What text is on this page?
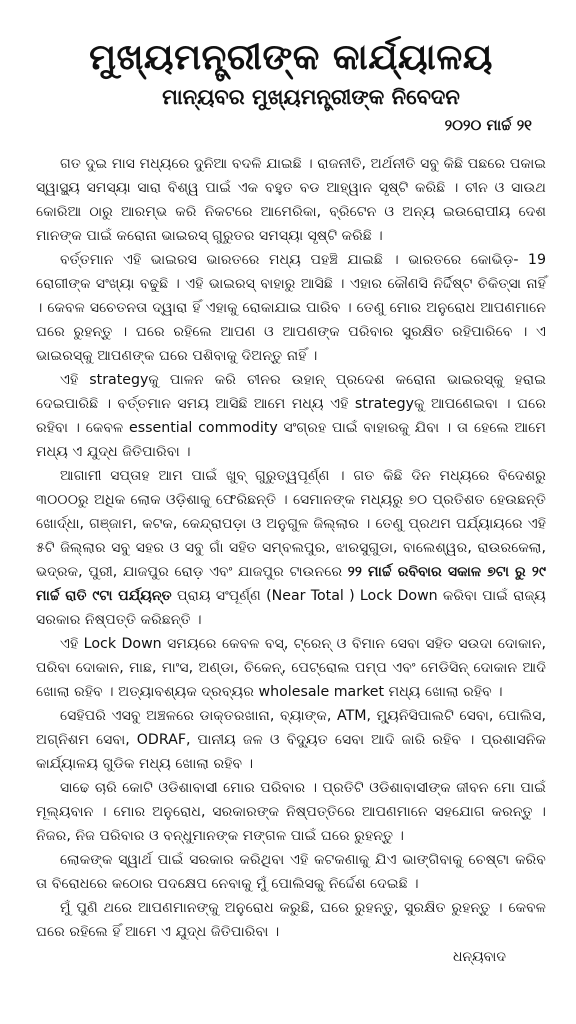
ମୁଖ୍ୟମନ୍ତ୍ରୀଙ୍କ କାର୍ଯ୍ୟାଳୟ
ମାନ୍ୟବର ମୁଖ୍ୟମନ୍ତ୍ରୀଙ୍କ ନିବେଦନ
୨୦୨୦ ମାର୍ଚ୍ଚ ୨୧

ଗତ ଦୁଇ ମାସ ମଧ୍ୟରେ ଦୁନିଆ ବଦଳି ଯାଇଛି । ରାଜନୀତି, ଅର୍ଥନୀତି ସବୁ କିଛି ପଛରେ ପକାଇ ସ୍ୱାସ୍ଥ୍ୟ ସମସ୍ୟା ସାରା ବିଶ୍ୱ ପାଇଁ ଏକ ବହୁତ ବଡ ଆହ୍ୱାନ ସୃଷ୍ଟି କରିଛି । ଚୀନ ଓ ସାଉଥ କୋରିଆ ଠାରୁ ଆରମ୍ଭ କରି ନିକଟରେ ଆମେରିକା, ବ୍ରିଟେନ ଓ ଅନ୍ୟ ଇଉରୋପୀୟ ଦେଶ ମାନଙ୍କ ପାଇଁ କରୋନା ଭାଇରସ୍ ଗୁରୁତର ସମସ୍ୟା ସୃଷ୍ଟି କରିଛି ।

ବର୍ତ୍ତମାନ ଏହି ଭାଇରସ ଭାରତରେ ମଧ୍ୟ ପହଞ୍ଚି ଯାଇଛି । ଭାରତରେ କୋଭିଡ଼- 19 ରୋଗୀଙ୍କ ସଂଖ୍ୟା ବଢୁଛି । ଏହି ଭାଇରସ୍ ବାହାରୁ ଆସିଛି । ଏହାର କୌଣସି ନିର୍ଦ୍ଦିଷ୍ଟ ଚିକିତ୍ସା ନାହିଁ । କେବଳ ସଚେତନତା ଦ୍ୱାରା ହିଁ ଏହାକୁ ରୋକାଯାଇ ପାରିବ । ତେଣୁ ମୋର ଅନୁରୋଧ ଆପଣମାନେ ଘରେ ରୁହନ୍ତୁ । ଘରେ ରହିଲେ ଆପଣ ଓ ଆପଣଙ୍କ ପରିବାର ସୁରକ୍ଷିତ ରହିପାରିବେ । ଏ ଭାଇରସ୍‌କୁ ଆପଣଙ୍କ ଘରେ ପଶିବାକୁ ଦିଅନ୍ତୁ ନାହିଁ ।

ଏହି strategyକୁ ପାଳନ କରି ଚୀନର ଉହାନ୍ ପ୍ରଦେଶ କରୋନା ଭାଇରସ୍‌କୁ ହରାଇ ଦେଇପାରିଛି । ବର୍ତ୍ତମାନ ସମୟ ଆସିଛି ଆମେ ମଧ୍ୟ ଏହି strategyକୁ ଆପଣେଇବା । ଘରେ ରହିବା । କେବଳ essential commodity ସଂଗ୍ରହ ପାଇଁ ବାହାରକୁ ଯିବା । ତା ହେଲେ ଆମେ ମଧ୍ୟ ଏ ଯୁଦ୍ଧ ଜିତିପାରିବା ।

ଆଗାମୀ ସପ୍ତାହ ଆମ ପାଇଁ ଖୁବ୍ ଗୁରୁତ୍ୱପୂର୍ଣ୍ଣ । ଗତ କିଛି ଦିନ ମଧ୍ୟରେ ବିଦେଶରୁ ୩୦୦୦ରୁ ଅଧିକ ଲୋକ ଓଡ଼ିଶାକୁ ଫେରିଛନ୍ତି । ସେମାନଙ୍କ ମଧ୍ୟରୁ ୭୦ ପ୍ରତିଶତ ହେଉଛନ୍ତି ଖୋର୍ଦ୍ଧା, ଗଞ୍ଜାମ, କଟକ, କେନ୍ଦ୍ରାପଡ଼ା ଓ ଅନୁଗୁଳ ଜିଲ୍ଲାର । ତେଣୁ ପ୍ରଥମ ପର୍ଯ୍ୟାୟରେ ଏହି ୫ଟି ଜିଲ୍ଲାର ସବୁ ସହର ଓ ସବୁ ଗାଁ ସହିତ ସମ୍ବଲପୁର, ଝାରସୁଗୁଡା, ବାଲେଶ୍ୱର, ରାଉରକେଲା, ଭଦ୍ରକ, ପୁରୀ, ଯାଜପୁର ରୋଡ଼ ଏବଂ ଯାଜପୁର ଟାଉନରେ ୨୨ ମାର୍ଚ୍ଚ ରବିବାର ସକାଳ ୭ଟା ରୁ ୨୯ ମାର୍ଚ୍ଚ ରାତି ୯ଟା ପର୍ଯ୍ୟନ୍ତ ପ୍ରାୟ ସଂପୂର୍ଣ୍ଣ (Near Total ) Lock Down କରିବା ପାଇଁ ରାଜ୍ୟ ସରକାର ନିଷ୍ପତ୍ତି କରିଛନ୍ତି ।

ଏହି Lock Down ସମୟରେ କେବଳ ବସ୍, ଟ୍ରେନ୍ ଓ ବିମାନ ସେବା ସହିତ ସଉଦା ଦୋକାନ, ପରିବା ଦୋକାନ, ମାଛ, ମାଂସ, ଅଣ୍ଡା, ଚିକେନ୍, ପେଟ୍ରୋଲ ପମ୍ପ ଏବଂ ମେଡିସିନ୍ ଦୋକାନ ଆଦି ଖୋଲା ରହିବ । ଅତ୍ୟାବଶ୍ୟକ ଦ୍ରବ୍ୟର wholesale market ମଧ୍ୟ ଖୋଲା ରହିବ ।

ସେହିପରି ଏସବୁ ଅଞ୍ଚଳରେ ଡାକ୍ତରଖାନା, ବ୍ୟାଙ୍କ, ATM, ମ୍ୟୁନିସିପାଲଟି ସେବା, ପୋଲିସ, ଅଗ୍ନିଶମ ସେବା, ODRAF, ପାନୀୟ ଜଳ ଓ ବିଦ୍ୟୁତ ସେବା ଆଦି ଜାରି ରହିବ । ପ୍ରଶାସନିକ କାର୍ଯ୍ୟାଳୟ ଗୁଡିକ ମଧ୍ୟ ଖୋଲା ରହିବ ।

ସାଢେ ଚାରି କୋଟି ଓଡିଶାବାସୀ ମୋର ପରିବାର । ପ୍ରତିଟି ଓଡିଶାବାସୀଙ୍କ ଜୀବନ ମୋ ପାଇଁ ମୂଲ୍ୟବାନ । ମୋର ଅନୁରୋଧ, ସରକାରଙ୍କ ନିଷ୍ପତ୍ତିରେ ଆପଣମାନେ ସହଯୋଗ କରନ୍ତୁ । ନିଜର, ନିଜ ପରିବାର ଓ ବନ୍ଧୁମାନଙ୍କ ମଙ୍ଗଳ ପାଇଁ ଘରେ ରୁହନ୍ତୁ ।

ଲୋକଙ୍କ ସ୍ୱାର୍ଥ ପାଇଁ ସରକାର କରିଥିବା ଏହି କଟକଣାକୁ ଯିଏ ଭାଙ୍ଗିବାକୁ ଚେଷ୍ଟା କରିବ ତା ବିରୋଧରେ କଠୋର ପଦକ୍ଷେପ ନେବାକୁ ମୁଁ ପୋଲିସକୁ ନିର୍ଦ୍ଦେଶ ଦେଇଛି ।

ମୁଁ ପୁଣି ଥରେ ଆପଣମାନଙ୍କୁ ଅନୁରୋଧ କରୁଛି, ଘରେ ରୁହନ୍ତୁ, ସୁରକ୍ଷିତ ରୁହନ୍ତୁ । କେବଳ ଘରେ ରହିଲେ ହିଁ ଆମେ ଏ ଯୁଦ୍ଧ ଜିତିପାରିବା ।

ଧନ୍ୟବାଦ
